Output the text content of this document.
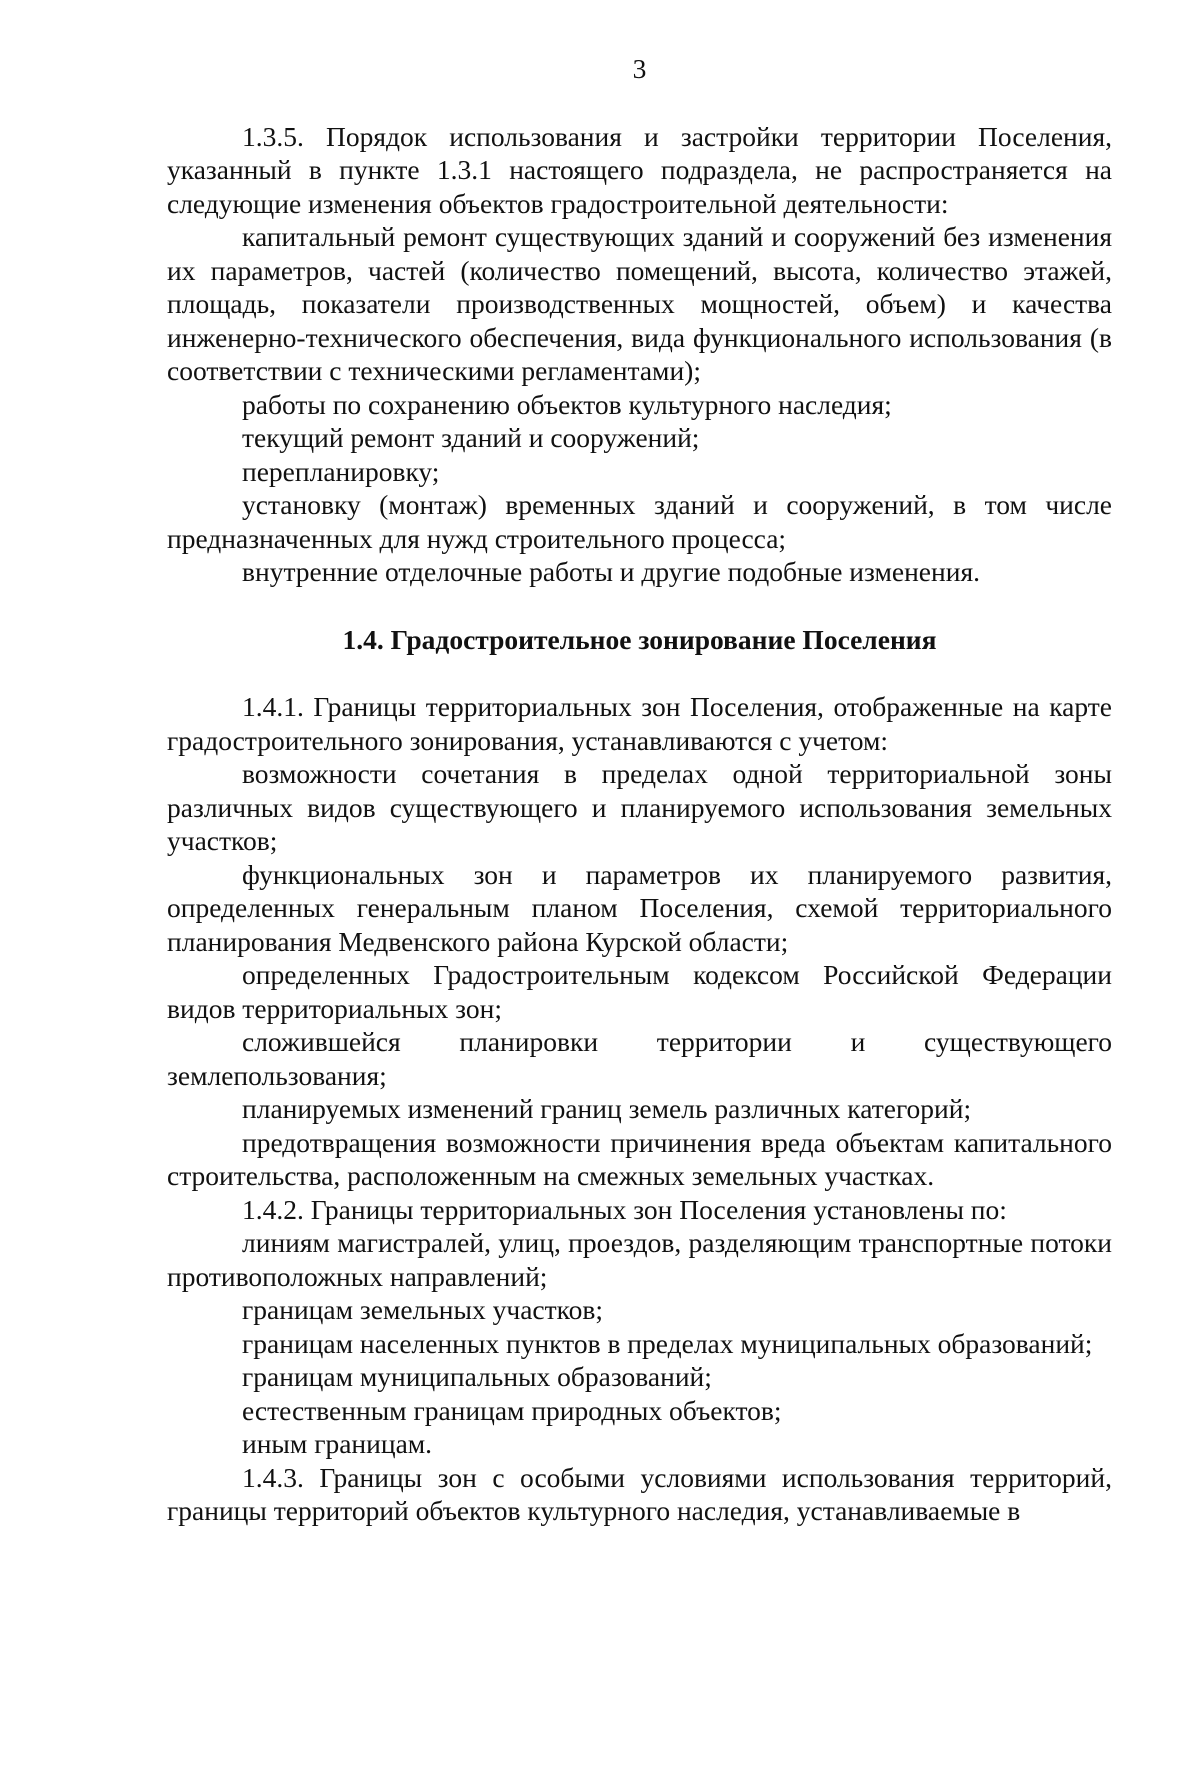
3

1.3.5. Порядок использования и застройки территории Поселения, указанный в пункте 1.3.1 настоящего подраздела, не распространяется на следующие изменения объектов градостроительной деятельности:

капитальный ремонт существующих зданий и сооружений без изменения их параметров, частей (количество помещений, высота, количество этажей, площадь, показатели производственных мощностей, объем) и качества инженерно-технического обеспечения, вида функционального использования (в соответствии с техническими регламентами);

работы по сохранению объектов культурного наследия;

текущий ремонт зданий и сооружений;

перепланировку;

установку (монтаж) временных зданий и сооружений, в том числе предназначенных для нужд строительного процесса;

внутренние отделочные работы и другие подобные изменения.

1.4. Градостроительное зонирование Поселения

1.4.1. Границы территориальных зон Поселения, отображенные на карте градостроительного зонирования, устанавливаются с учетом:

возможности сочетания в пределах одной территориальной зоны различных видов существующего и планируемого использования земельных участков;

функциональных зон и параметров их планируемого развития, определенных генеральным планом Поселения, схемой территориального планирования Медвенского района Курской области;

определенных Градостроительным кодексом Российской Федерации видов территориальных зон;

сложившейся планировки территории и существующего землепользования;

планируемых изменений границ земель различных категорий;

предотвращения возможности причинения вреда объектам капитального строительства, расположенным на смежных земельных участках.

1.4.2. Границы территориальных зон Поселения установлены по:

линиям магистралей, улиц, проездов, разделяющим транспортные потоки противоположных направлений;

границам земельных участков;

границам населенных пунктов в пределах муниципальных образований;

границам муниципальных образований;

естественным границам природных объектов;

иным границам.

1.4.3. Границы зон с особыми условиями использования территорий, границы территорий объектов культурного наследия, устанавливаемые в
